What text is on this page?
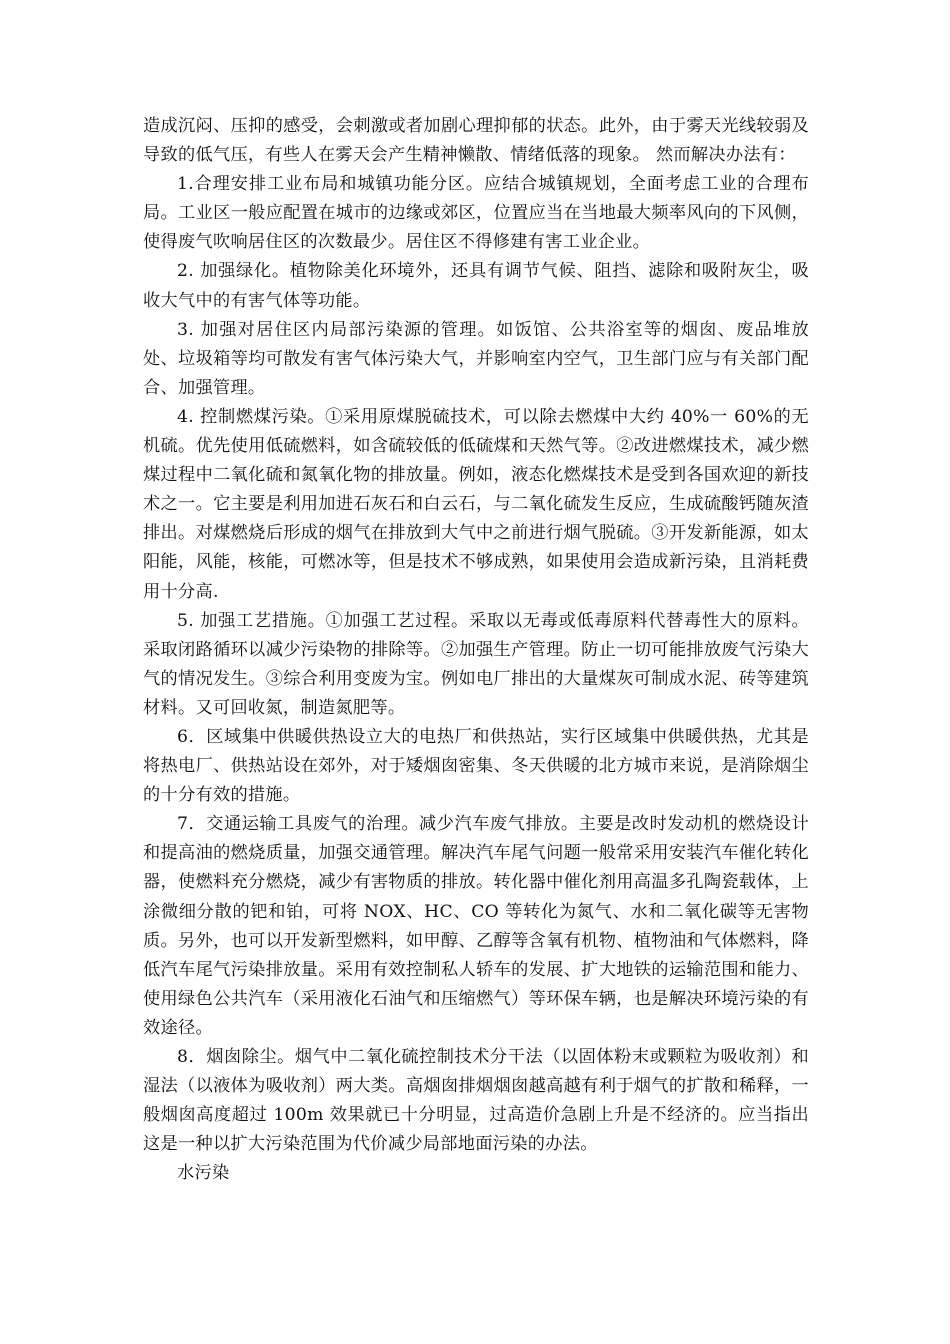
造成沉闷、压抑的感受，会刺激或者加剧心理抑郁的状态。此外，由于雾天光线较弱及导致的低气压，有些人在雾天会产生精神懒散、情绪低落的现象。 然而解决办法有：

1.合理安排工业布局和城镇功能分区。应结合城镇规划，全面考虑工业的合理布局。工业区一般应配置在城市的边缘或郊区，位置应当在当地最大频率风向的下风侧，使得废气吹响居住区的次数最少。居住区不得修建有害工业企业。

2. 加强绿化。植物除美化环境外，还具有调节气候、阻挡、滤除和吸附灰尘，吸收大气中的有害气体等功能。

3. 加强对居住区内局部污染源的管理。如饭馆、公共浴室等的烟囱、废品堆放处、垃圾箱等均可散发有害气体污染大气，并影响室内空气，卫生部门应与有关部门配合、加强管理。

4. 控制燃煤污染。①采用原煤脱硫技术，可以除去燃煤中大约 40%一 60%的无机硫。优先使用低硫燃料，如含硫较低的低硫煤和天然气等。②改进燃煤技术，减少燃煤过程中二氧化硫和氮氧化物的排放量。例如，液态化燃煤技术是受到各国欢迎的新技术之一。它主要是利用加进石灰石和白云石，与二氧化硫发生反应，生成硫酸钙随灰渣排出。对煤燃烧后形成的烟气在排放到大气中之前进行烟气脱硫。③开发新能源，如太阳能，风能，核能，可燃冰等，但是技术不够成熟，如果使用会造成新污染，且消耗费用十分高.

5. 加强工艺措施。①加强工艺过程。采取以无毒或低毒原料代替毒性大的原料。采取闭路循环以减少污染物的排除等。②加强生产管理。防止一切可能排放废气污染大气的情况发生。③综合利用变废为宝。例如电厂排出的大量煤灰可制成水泥、砖等建筑材料。又可回收氮，制造氮肥等。

6．区域集中供暖供热设立大的电热厂和供热站，实行区域集中供暖供热，尤其是将热电厂、供热站设在郊外，对于矮烟囱密集、冬天供暖的北方城市来说，是消除烟尘的十分有效的措施。

7．交通运输工具废气的治理。减少汽车废气排放。主要是改时发动机的燃烧设计和提高油的燃烧质量，加强交通管理。解决汽车尾气问题一般常采用安装汽车催化转化器，使燃料充分燃烧，减少有害物质的排放。转化器中催化剂用高温多孔陶瓷载体，上涂微细分散的钯和铂，可将 NOX、HC、CO 等转化为氮气、水和二氧化碳等无害物质。另外，也可以开发新型燃料，如甲醇、乙醇等含氧有机物、植物油和气体燃料，降低汽车尾气污染排放量。采用有效控制私人轿车的发展、扩大地铁的运输范围和能力、使用绿色公共汽车（采用液化石油气和压缩燃气）等环保车辆，也是解决环境污染的有效途径。

8．烟囱除尘。烟气中二氧化硫控制技术分干法（以固体粉末或颗粒为吸收剂）和湿法（以液体为吸收剂）两大类。高烟囱排烟烟囱越高越有利于烟气的扩散和稀释，一般烟囱高度超过 100m 效果就已十分明显，过高造价急剧上升是不经济的。应当指出这是一种以扩大污染范围为代价减少局部地面污染的办法。

水污染
